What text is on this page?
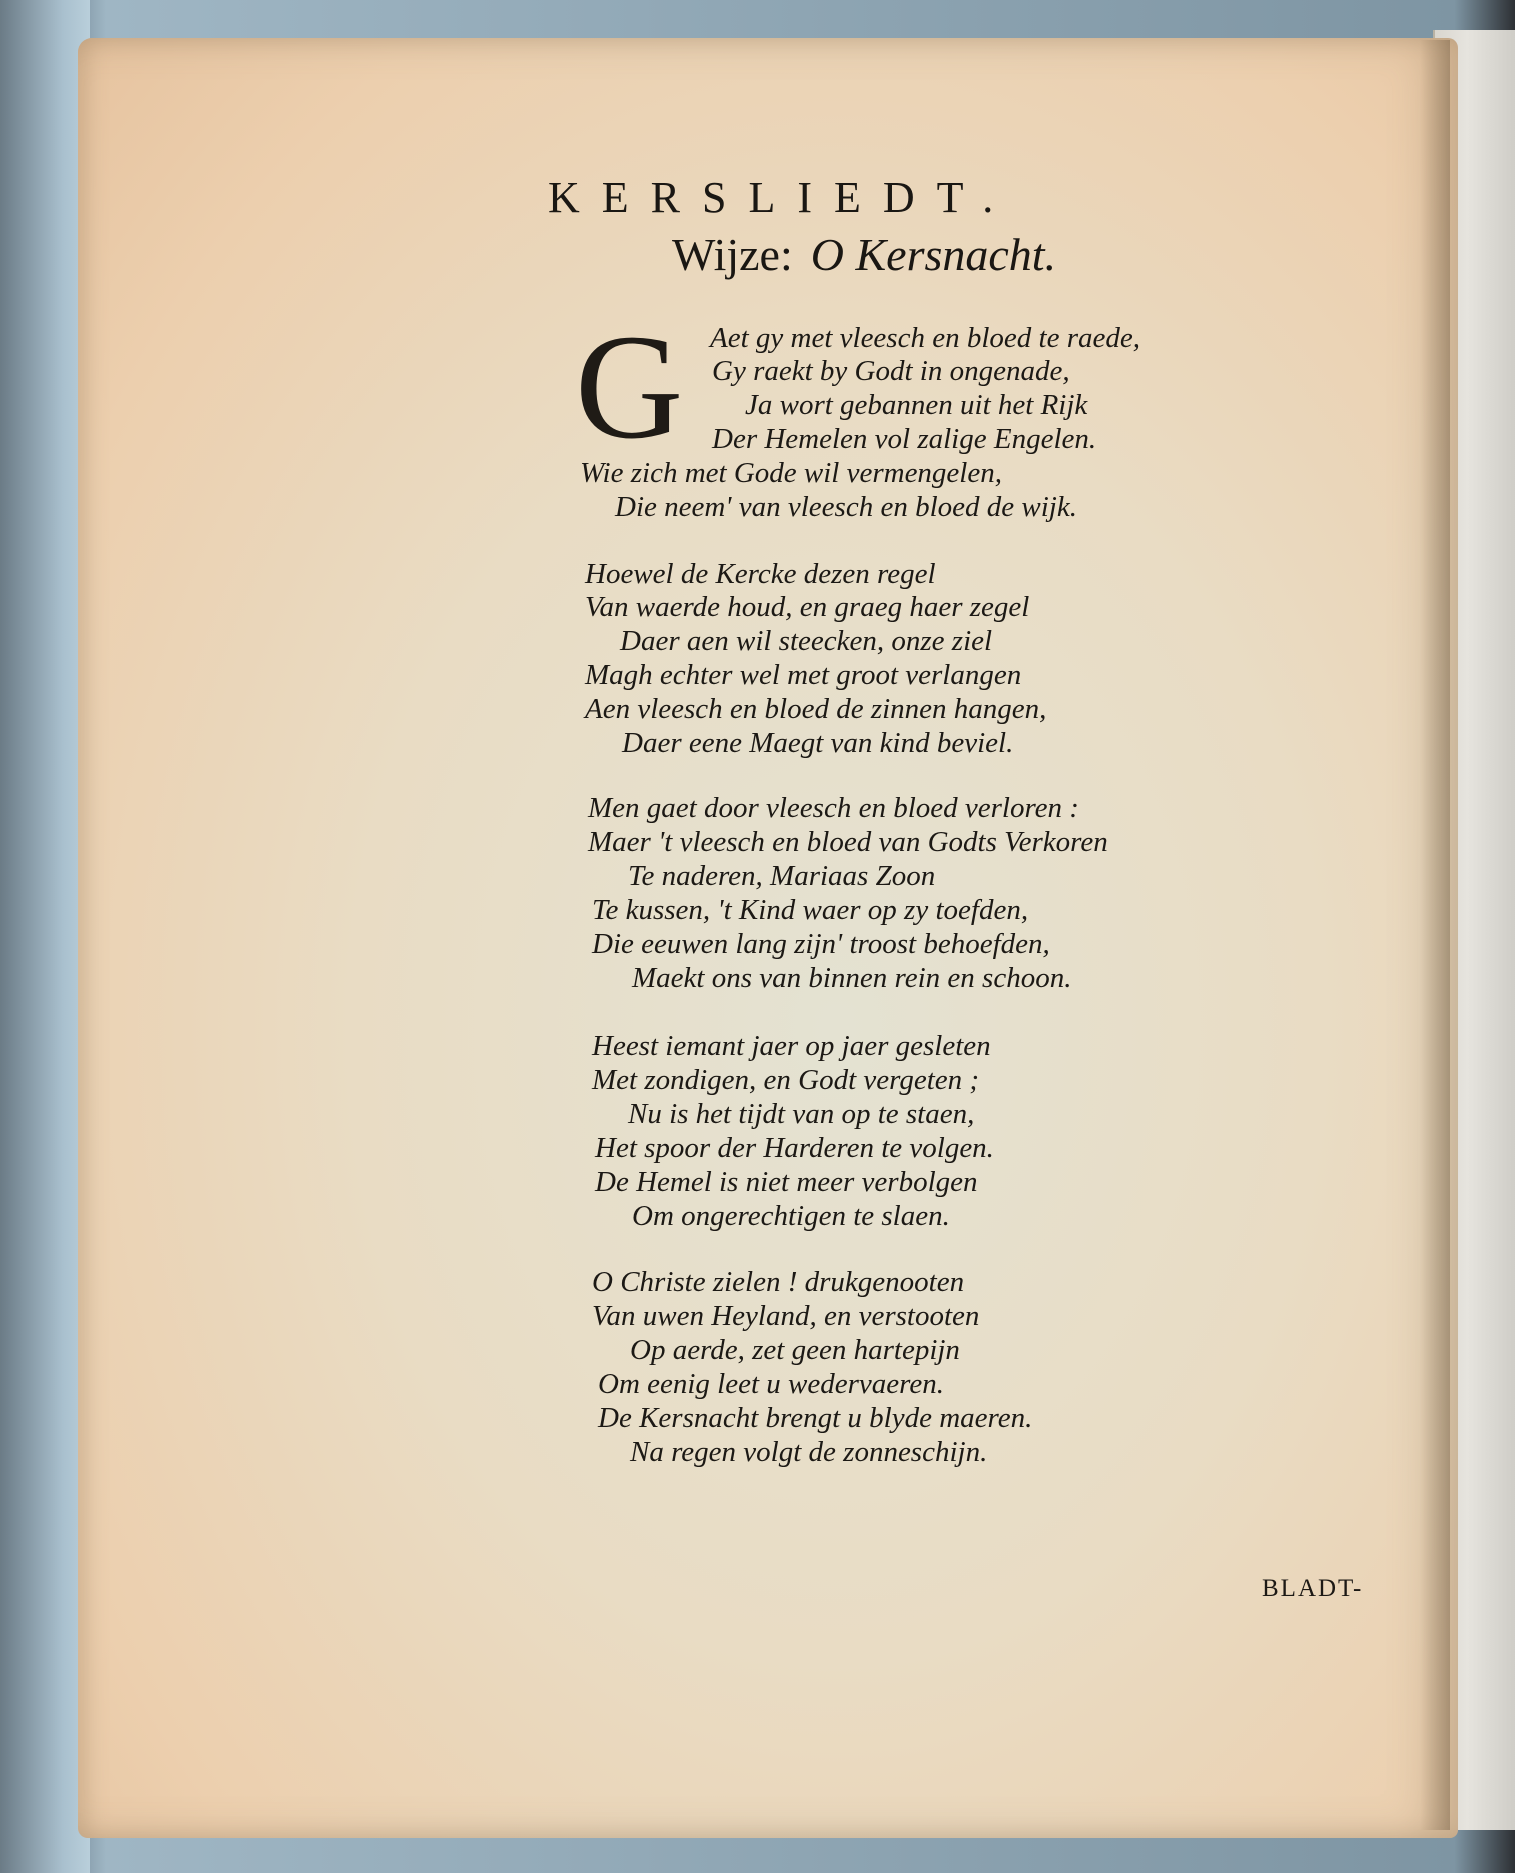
KERSLIEDT.
Wijze: O Kersnacht.
G Aet gy met vleesch en bloed te raede,
Gy raekt by Godt in ongenade,
Ja wort gebannen uit het Rijk
Der Hemelen vol zalige Engelen.
Wie zich met Gode wil vermengelen,
Die neem' van vleesch en bloed de wijk.
Hoewel de Kercke dezen regel
Van waerde houd, en graeg haer zegel
Daer aen wil steecken, onze ziel
Magh echter wel met groot verlangen
Aen vleesch en bloed de zinnen hangen,
Daer eene Maegt van kind beviel.
Men gaet door vleesch en bloed verloren :
Maer 't vleesch en bloed van Godts Verkoren
Te naderen, Mariaas Zoon
Te kussen, 't Kind waer op zy toefden,
Die eeuwen lang zijn' troost behoefden,
Maekt ons van binnen rein en schoon.
Heest iemant jaer op jaer gesleten
Met zondigen, en Godt vergeten ;
Nu is het tijdt van op te staen,
Het spoor der Harderen te volgen.
De Hemel is niet meer verbolgen
Om ongerechtigen te slaen.
O Christe zielen ! drukgenooten
Van uwen Heyland, en verstooten
Op aerde, zet geen hartepijn
Om eenig leet u wedervaeren.
De Kersnacht brengt u blyde maeren.
Na regen volgt de zonneschijn.
BLADT-
